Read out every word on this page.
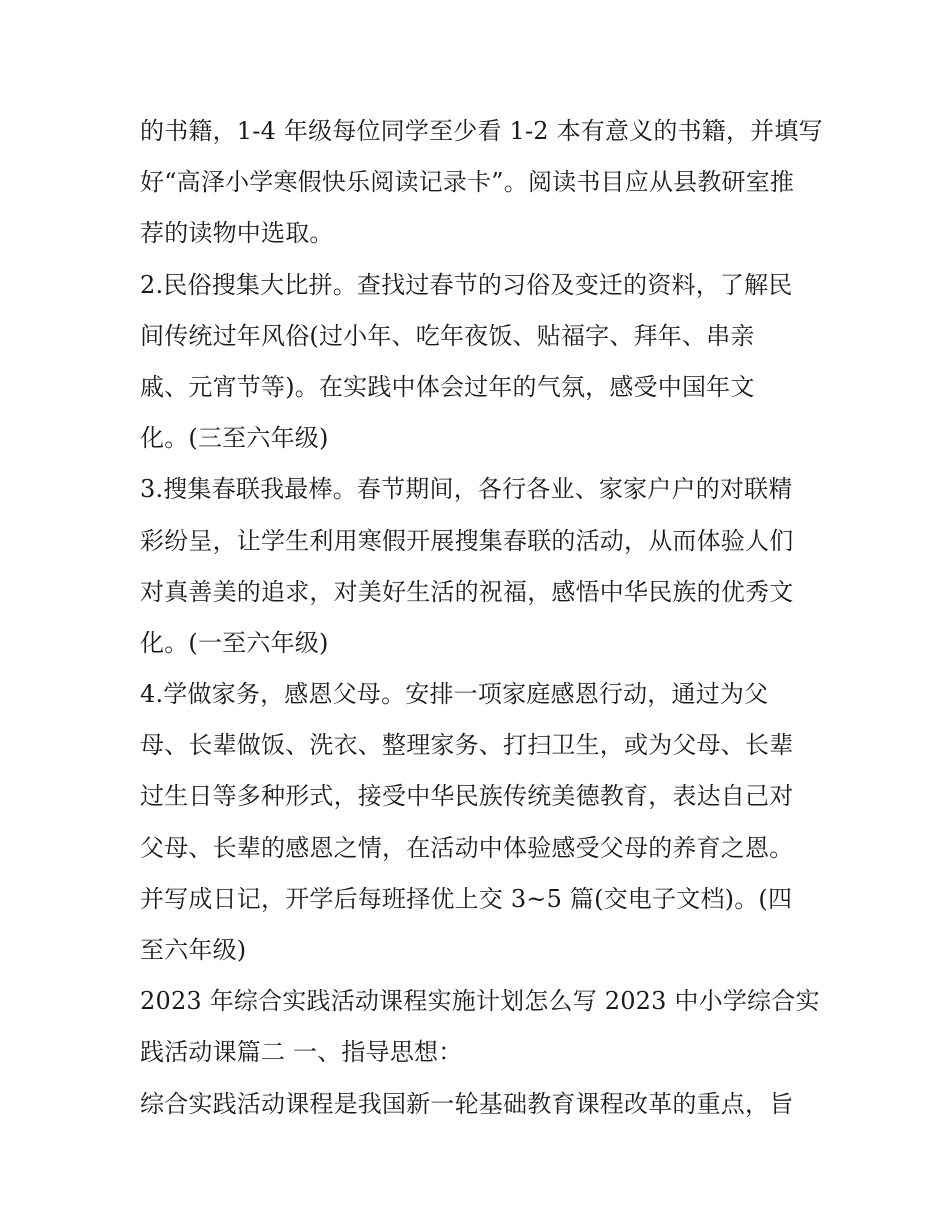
的书籍，1-4 年级每位同学至少看 1-2 本有意义的书籍，并填写
好“高泽小学寒假快乐阅读记录卡”。阅读书目应从县教研室推
荐的读物中选取。
2.民俗搜集大比拼。查找过春节的习俗及变迁的资料，了解民
间传统过年风俗(过小年、吃年夜饭、贴福字、拜年、串亲
戚、元宵节等)。在实践中体会过年的气氛，感受中国年文
化。(三至六年级)
3.搜集春联我最棒。春节期间，各行各业、家家户户的对联精
彩纷呈，让学生利用寒假开展搜集春联的活动，从而体验人们
对真善美的追求，对美好生活的祝福，感悟中华民族的优秀文
化。(一至六年级)
4.学做家务，感恩父母。安排一项家庭感恩行动，通过为父
母、长辈做饭、洗衣、整理家务、打扫卫生，或为父母、长辈
过生日等多种形式，接受中华民族传统美德教育，表达自己对
父母、长辈的感恩之情，在活动中体验感受父母的养育之恩。
并写成日记，开学后每班择优上交 3~5 篇(交电子文档)。(四
至六年级)
2023 年综合实践活动课程实施计划怎么写 2023 中小学综合实
践活动课篇二 一、指导思想：
综合实践活动课程是我国新一轮基础教育课程改革的重点，旨
